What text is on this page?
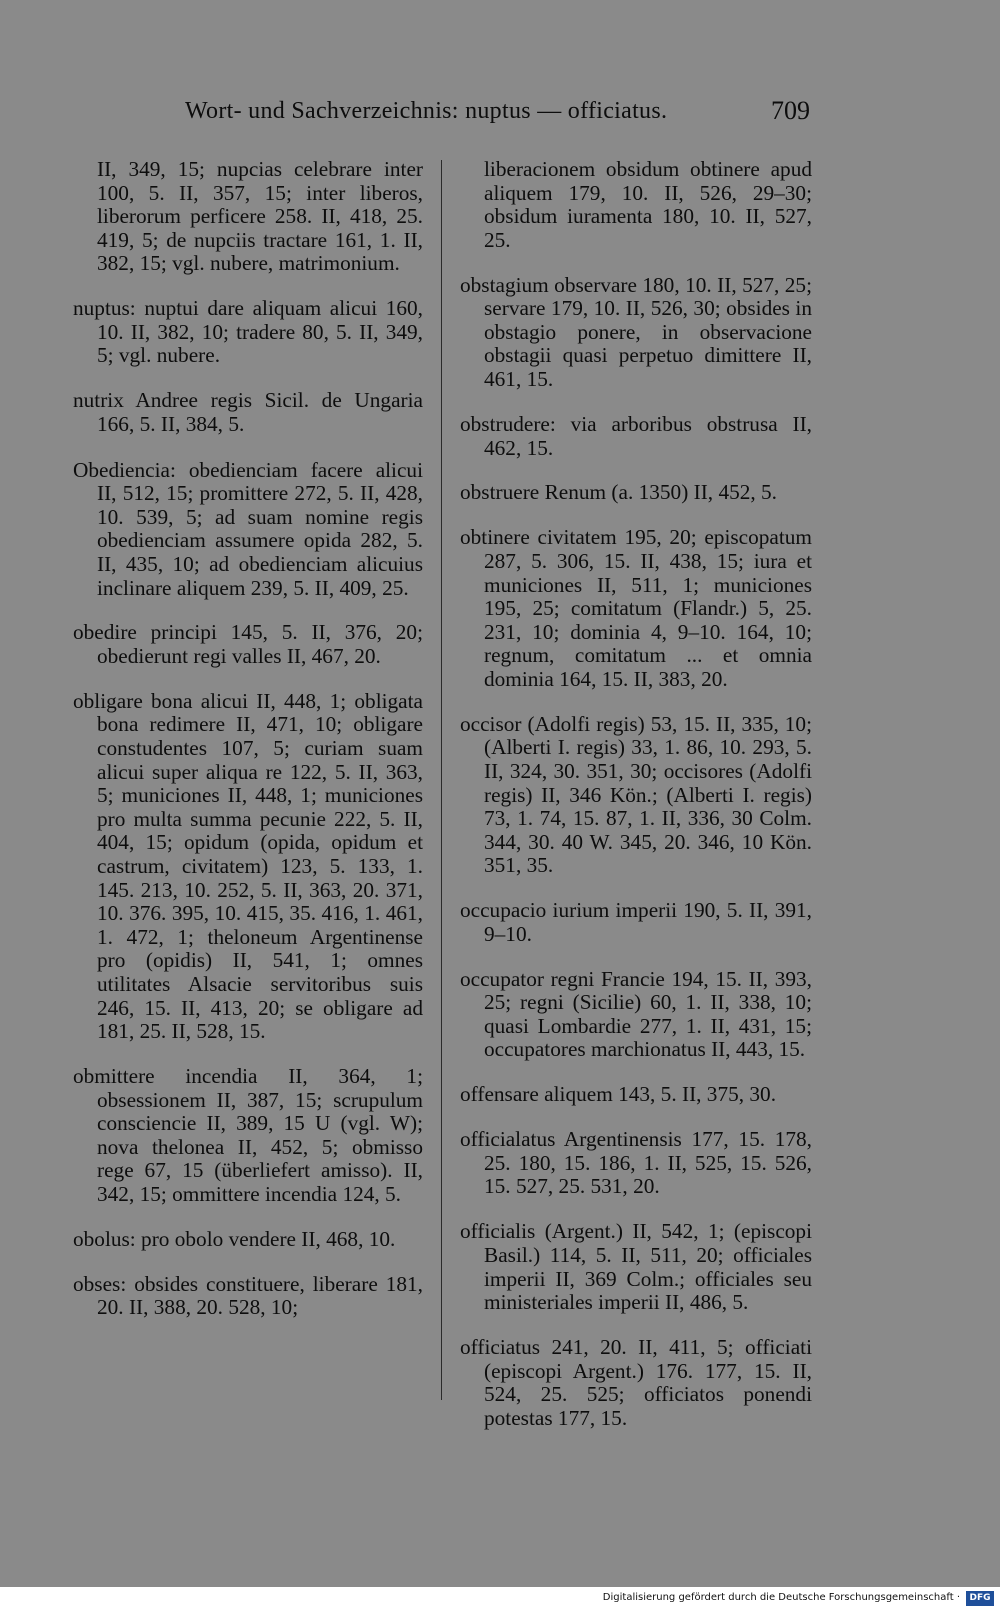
Wort- und Sachverzeichnis: nuptus — officiatus.	709

II, 349, 15; nupcias celebrare inter 100, 5. II, 357, 15; inter liberos, liberorum perficere 258. II, 418, 25. 419, 5; de nupciis tractare 161, 1. II, 382, 15; vgl. nubere, matrimonium.

nuptus: nuptui dare aliquam alicui 160, 10. II, 382, 10; tradere 80, 5. II, 349, 5; vgl. nubere.

nutrix Andree regis Sicil. de Ungaria 166, 5. II, 384, 5.

Obediencia: obedienciam facere alicui II, 512, 15; promittere 272, 5. II, 428, 10. 539, 5; ad suam nomine regis obedienciam assumere opida 282, 5. II, 435, 10; ad obedienciam alicuius inclinare aliquem 239, 5. II, 409, 25.

obedire principi 145, 5. II, 376, 20; obedierunt regi valles II, 467, 20.

obligare bona alicui II, 448, 1; obligata bona redimere II, 471, 10; obligare constudentes 107, 5; curiam suam alicui super aliqua re 122, 5. II, 363, 5; municiones II, 448, 1; municiones pro multa summa pecunie 222, 5. II, 404, 15; opidum (opida, opidum et castrum, civitatem) 123, 5. 133, 1. 145. 213, 10. 252, 5. II, 363, 20. 371, 10. 376. 395, 10. 415, 35. 416, 1. 461, 1. 472, 1; theloneum Argentinense pro (opidis) II, 541, 1; omnes utilitates Alsacie servitoribus suis 246, 15. II, 413, 20; se obligare ad 181, 25. II, 528, 15.

obmittere incendia II, 364, 1; obsessionem II, 387, 15; scrupulum consciencie II, 389, 15 U (vgl. W); nova thelonea II, 452, 5; obmisso rege 67, 15 (überliefert amisso). II, 342, 15; ommittere incendia 124, 5.

obolus: pro obolo vendere II, 468, 10.

obses: obsides constituere, liberare 181, 20. II, 388, 20. 528, 10;

liberacionem obsidum obtinere apud aliquem 179, 10. II, 526, 29–30; obsidum iuramenta 180, 10. II, 527, 25.

obstagium observare 180, 10. II, 527, 25; servare 179, 10. II, 526, 30; obsides in obstagio ponere, in observacione obstagii quasi perpetuo dimittere II, 461, 15.

obstrudere: via arboribus obstrusa II, 462, 15.

obstruere Renum (a. 1350) II, 452, 5.

obtinere civitatem 195, 20; episcopatum 287, 5. 306, 15. II, 438, 15; iura et municiones II, 511, 1; municiones 195, 25; comitatum (Flandr.) 5, 25. 231, 10; dominia 4, 9–10. 164, 10; regnum, comitatum ... et omnia dominia 164, 15. II, 383, 20.

occisor (Adolfi regis) 53, 15. II, 335, 10; (Alberti I. regis) 33, 1. 86, 10. 293, 5. II, 324, 30. 351, 30; occisores (Adolfi regis) II, 346 Kön.; (Alberti I. regis) 73, 1. 74, 15. 87, 1. II, 336, 30 Colm. 344, 30. 40 W. 345, 20. 346, 10 Kön. 351, 35.

occupacio iurium imperii 190, 5. II, 391, 9–10.

occupator regni Francie 194, 15. II, 393, 25; regni (Sicilie) 60, 1. II, 338, 10; quasi Lombardie 277, 1. II, 431, 15; occupatores marchionatus II, 443, 15.

offensare aliquem 143, 5. II, 375, 30.

officialatus Argentinensis 177, 15. 178, 25. 180, 15. 186, 1. II, 525, 15. 526, 15. 527, 25. 531, 20.

officialis (Argent.) II, 542, 1; (episcopi Basil.) 114, 5. II, 511, 20; officiales imperii II, 369 Colm.; officiales seu ministeriales imperii II, 486, 5.

officiatus 241, 20. II, 411, 5; officiati (episcopi Argent.) 176. 177, 15. II, 524, 25. 525; officiatos ponendi potestas 177, 15.

Digitalisierung gefördert durch die Deutsche Forschungsgemeinschaft ·	DFG
